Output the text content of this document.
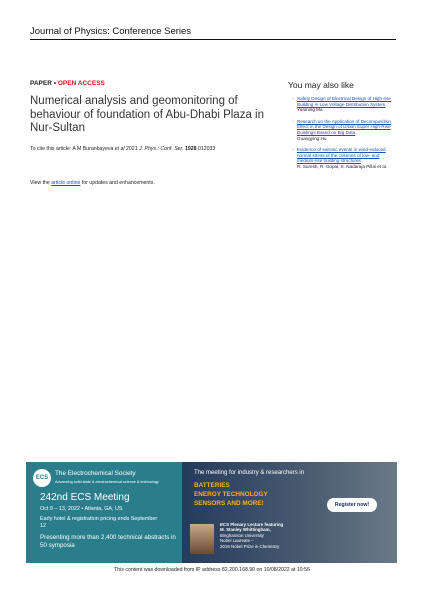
Journal of Physics: Conference Series
PAPER • OPEN ACCESS
Numerical analysis and geomonitoring of behaviour of foundation of Abu-Dhabi Plaza in Nur-Sultan
To cite this article: A M Buranbayeva et al 2021 J. Phys.: Conf. Ser. 1928 012033
View the article online for updates and enhancements.
You may also like
- Safety Design of Electrical Design of High-rise Building in Low Voltage Distribution System
Yuaming Ma
- Research on the Application of Decomposition Effect in the Design of Urban Super High-Rise Buildings Based on Big Data
Guangying Hu
- Evidence of seismic events in wind-induced normal stress of the columns of low- and medium-rise building structures
R. Suresh, R. Gopal, S. Nadaraja Pillai et al.
ECS
The Electrochemical Society
Advancing solid state & electrochemical science & technology
242nd ECS Meeting
Oct 9 – 13, 2022 • Atlanta, GA, US
Early hotel & registration pricing ends September 12
Presenting more than 2,400 technical abstracts in 50 symposia
The meeting for industry & researchers in
BATTERIES
ENERGY TECHNOLOGY
SENSORS AND MORE!	Register now!
ECS Plenary Lecture featuring
M. Stanley Whittingham,
Binghamton University
Nobel Laureate –
2019 Nobel Prize in Chemistry
This content was downloaded from IP address 82.200.168.90 on 10/08/2022 at 10:56
